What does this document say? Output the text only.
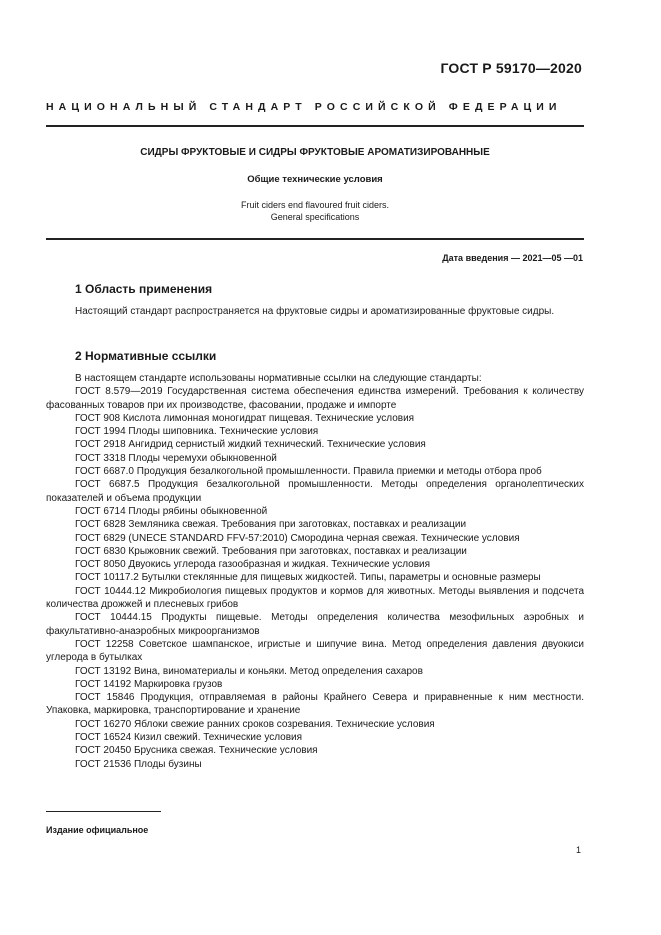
ГОСТ Р 59170—2020
НАЦИОНАЛЬНЫЙ СТАНДАРТ РОССИЙСКОЙ ФЕДЕРАЦИИ
СИДРЫ ФРУКТОВЫЕ И СИДРЫ ФРУКТОВЫЕ АРОМАТИЗИРОВАННЫЕ
Общие технические условия
Fruit ciders end flavoured fruit ciders.
General specifications
Дата введения — 2021—05 —01
1 Область применения
Настоящий стандарт распространяется на фруктовые сидры и ароматизированные фруктовые сидры.
2 Нормативные ссылки

В настоящем стандарте использованы нормативные ссылки на следующие стандарты:

ГОСТ 8.579—2019 Государственная система обеспечения единства измерений. Требования к количеству фасованных товаров при их производстве, фасовании, продаже и импорте

ГОСТ 908 Кислота лимонная моногидрат пищевая. Технические условия

ГОСТ 1994 Плоды шиповника. Технические условия

ГОСТ 2918 Ангидрид сернистый жидкий технический. Технические условия

ГОСТ 3318 Плоды черемухи обыкновенной

ГОСТ 6687.0 Продукция безалкогольной промышленности. Правила приемки и методы отбора проб

ГОСТ 6687.5 Продукция безалкогольной промышленности. Методы определения органолептических показателей и объема продукции

ГОСТ 6714 Плоды рябины обыкновенной

ГОСТ 6828 Земляника свежая. Требования при заготовках, поставках и реализации

ГОСТ 6829 (UNECE STANDARD FFV-57:2010) Смородина черная свежая. Технические условия

ГОСТ 6830 Крыжовник свежий. Требования при заготовках, поставках и реализации

ГОСТ 8050 Двуокись углерода газообразная и жидкая. Технические условия

ГОСТ 10117.2 Бутылки стеклянные для пищевых жидкостей. Типы, параметры и основные размеры

ГОСТ 10444.12 Микробиология пищевых продуктов и кормов для животных. Методы выявления и подсчета количества дрожжей и плесневых грибов

ГОСТ 10444.15 Продукты пищевые. Методы определения количества мезофильных аэробных и факультативно-анаэробных микроорганизмов

ГОСТ 12258 Советское шампанское, игристые и шипучие вина. Метод определения давления двуокиси углерода в бутылках

ГОСТ 13192 Вина, виноматериалы и коньяки. Метод определения сахаров

ГОСТ 14192 Маркировка грузов

ГОСТ 15846 Продукция, отправляемая в районы Крайнего Севера и приравненные к ним местности. Упаковка, маркировка, транспортирование и хранение

ГОСТ 16270 Яблоки свежие ранних сроков созревания. Технические условия

ГОСТ 16524 Кизил свежий. Технические условия

ГОСТ 20450 Брусника свежая. Технические условия

ГОСТ 21536 Плоды бузины

Издание официальное
1
